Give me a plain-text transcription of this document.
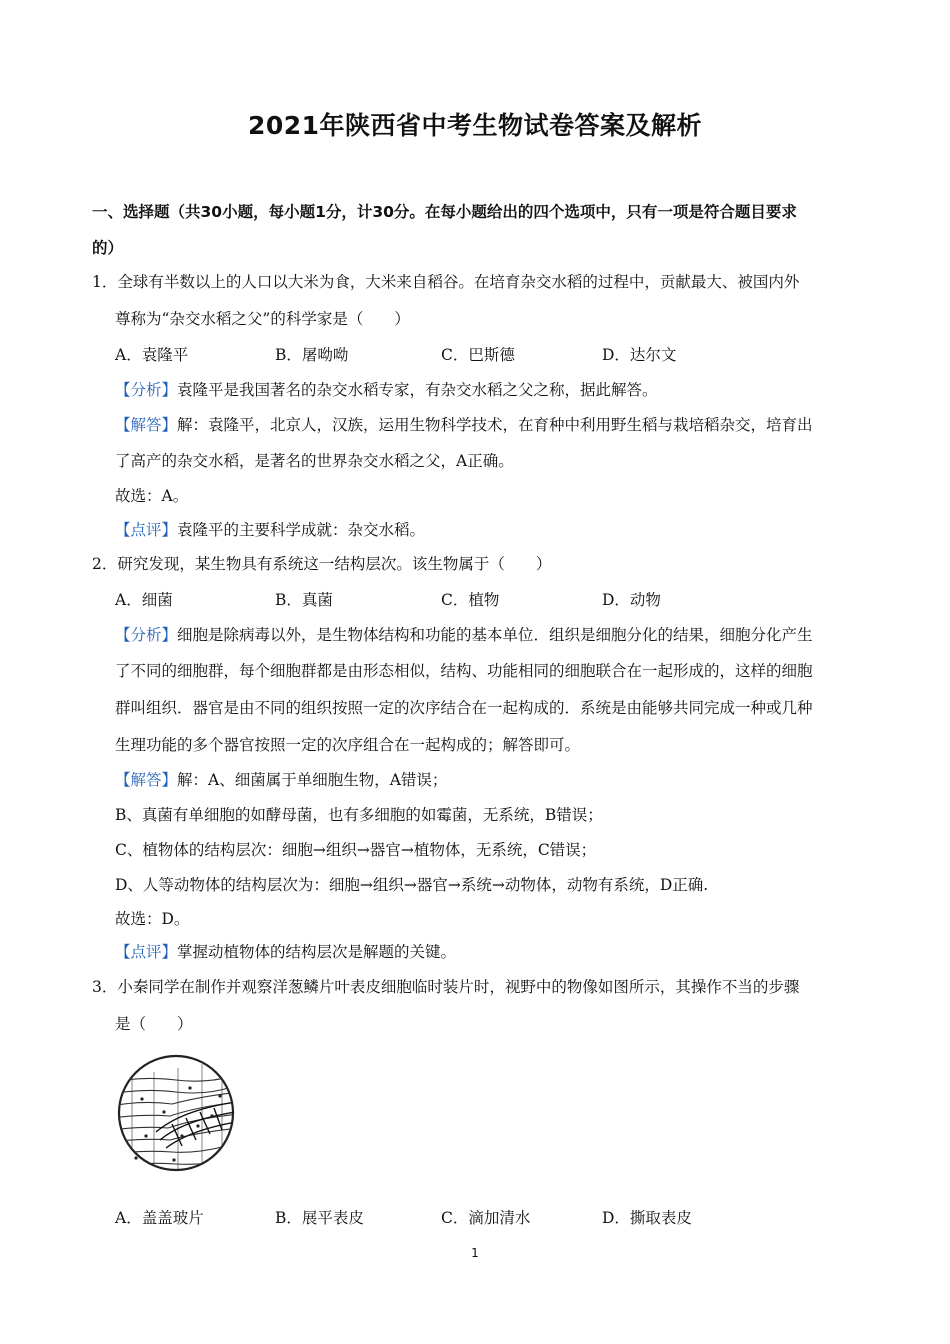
2021年陕西省中考生物试卷答案及解析
一、选择题（共30小题，每小题1分，计30分。在每小题给出的四个选项中，只有一项是符合题目要求
的）
1．全球有半数以上的人口以大米为食，大米来自稻谷。在培育杂交水稻的过程中，贡献最大、被国内外
尊称为“杂交水稻之父”的科学家是（　　）
A．袁隆平	B．屠呦呦	C．巴斯德	D．达尔文
【分析】袁隆平是我国著名的杂交水稻专家，有杂交水稻之父之称，据此解答。
【解答】解：袁隆平，北京人，汉族，运用生物科学技术，在育种中利用野生稻与栽培稻杂交，培育出
了高产的杂交水稻，是著名的世界杂交水稻之父，A正确。
故选：A。
【点评】袁隆平的主要科学成就：杂交水稻。
2．研究发现，某生物具有系统这一结构层次。该生物属于（　　）
A．细菌	B．真菌	C．植物	D．动物
【分析】细胞是除病毒以外，是生物体结构和功能的基本单位．组织是细胞分化的结果，细胞分化产生
了不同的细胞群，每个细胞群都是由形态相似，结构、功能相同的细胞联合在一起形成的，这样的细胞
群叫组织．器官是由不同的组织按照一定的次序结合在一起构成的．系统是由能够共同完成一种或几种
生理功能的多个器官按照一定的次序组合在一起构成的；解答即可。
【解答】解：A、细菌属于单细胞生物，A错误；
B、真菌有单细胞的如酵母菌，也有多细胞的如霉菌，无系统，B错误；
C、植物体的结构层次：细胞→组织→器官→植物体，无系统，C错误；
D、人等动物体的结构层次为：细胞→组织→器官→系统→动物体，动物有系统，D正确.
故选：D。
【点评】掌握动植物体的结构层次是解题的关键。
3．小秦同学在制作并观察洋葱鳞片叶表皮细胞临时装片时，视野中的物像如图所示，其操作不当的步骤
是（　　）
A．盖盖玻片	B．展平表皮	C．滴加清水	D．撕取表皮
1
